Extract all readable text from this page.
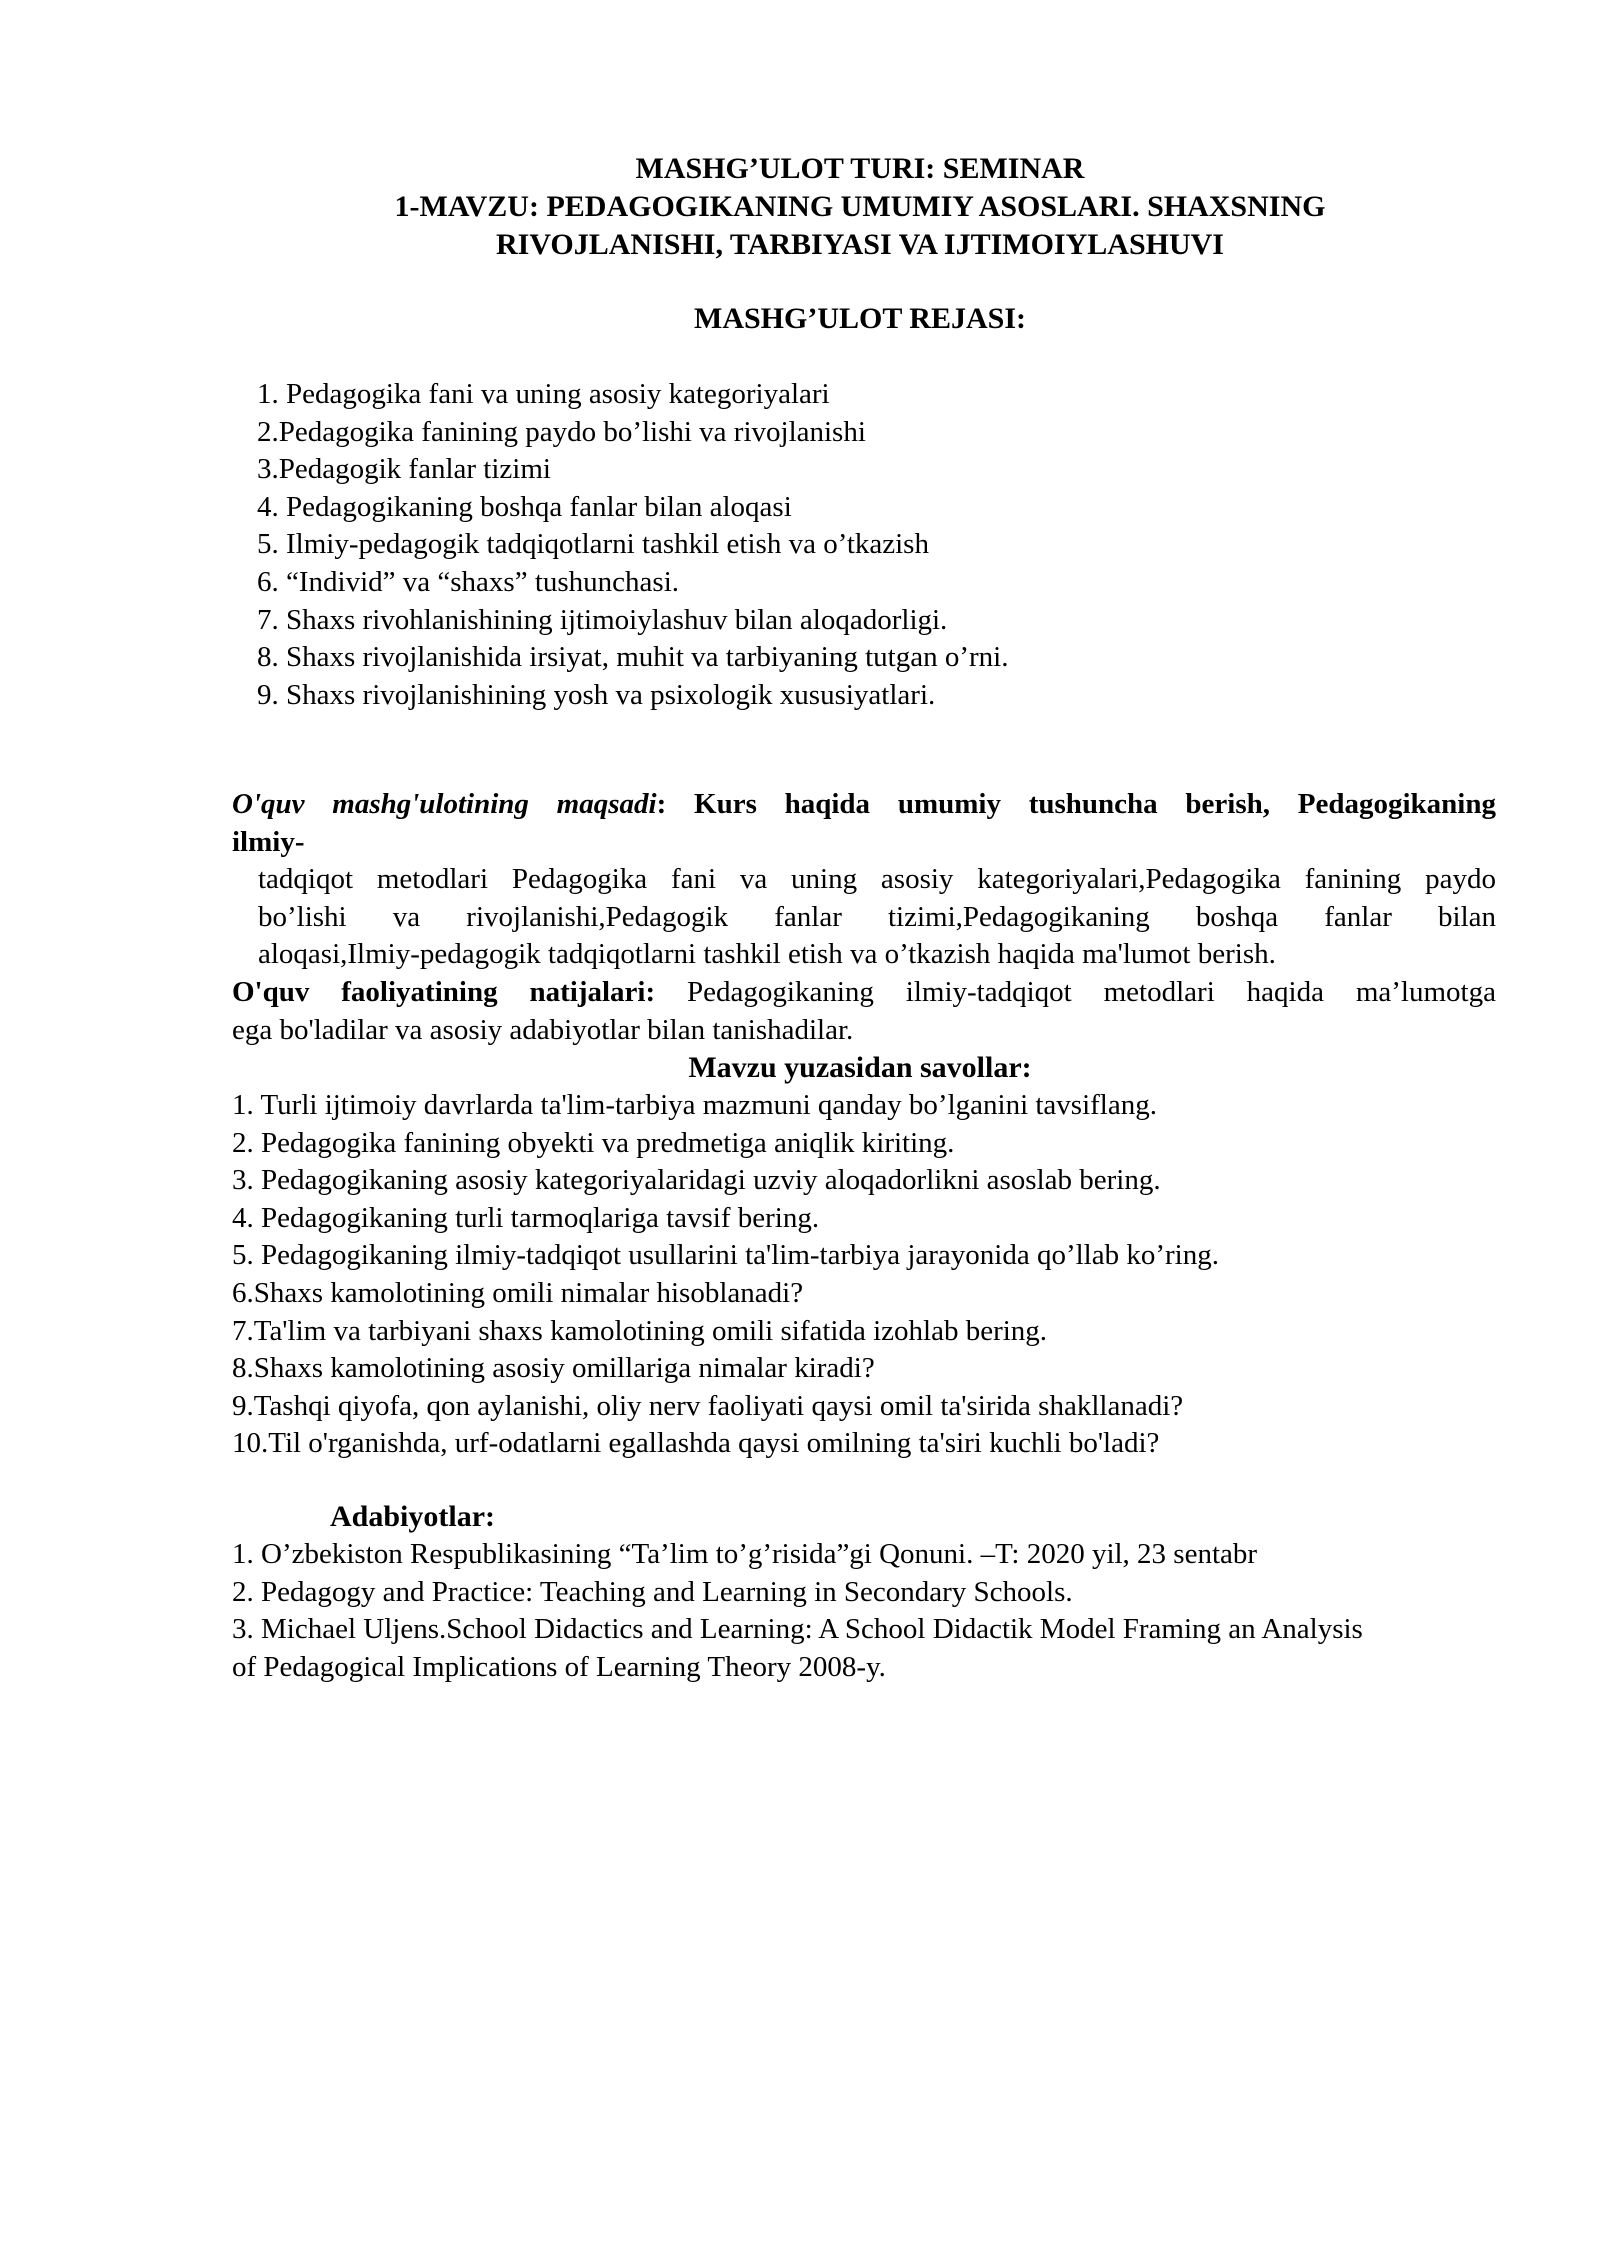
MASHG’ULOT TURI: SEMINAR
1-MAVZU: PEDAGOGIKANING UMUMIY ASOSLARI. SHAXSNING
RIVOJLANISHI, TARBIYASI VA IJTIMOIYLASHUVI
MASHG’ULOT REJASI:
1. Pedagogika fani va uning asosiy kategoriyalari
2.Pedagogika fanining paydo bo’lishi va rivojlanishi
3.Pedagogik fanlar tizimi
4. Pedagogikaning boshqa fanlar bilan aloqasi
5. Ilmiy-pedagogik tadqiqotlarni tashkil etish va o’tkazish
6. “Individ” va “shaxs” tushunchasi.
7. Shaxs rivohlanishining ijtimoiylashuv bilan aloqadorligi.
8. Shaxs rivojlanishida irsiyat, muhit va tarbiyaning tutgan o’rni.
9. Shaxs rivojlanishining yosh va psixologik xususiyatlari.
O'quv mashg'ulotining maqsadi: Kurs haqida umumiy tushuncha berish, Pedagogikaning
ilmiy-
tadqiqot metodlari Pedagogika fani va uning asosiy kategoriyalari,Pedagogika fanining paydo
bo’lishi va rivojlanishi,Pedagogik fanlar tizimi,Pedagogikaning boshqa fanlar bilan
aloqasi,Ilmiy-pedagogik tadqiqotlarni tashkil etish va o’tkazish haqida ma'lumot berish.
O'quv faoliyatining natijalari: Pedagogikaning ilmiy-tadqiqot metodlari haqida ma’lumotga
ega bo'ladilar va asosiy adabiyotlar bilan tanishadilar.
Mavzu yuzasidan savollar:
1. Turli ijtimoiy davrlarda ta'lim-tarbiya mazmuni qanday bo’lganini tavsiflang.
2. Pedagogika fanining obyekti va predmetiga aniqlik kiriting.
3. Pedagogikaning asosiy kategoriyalaridagi uzviy aloqadorlikni asoslab bering.
4. Pedagogikaning turli tarmoqlariga tavsif bering.
5. Pedagogikaning ilmiy-tadqiqot usullarini ta'lim-tarbiya jarayonida qo’llab ko’ring.
6.Shaxs kamolotining omili nimalar hisoblanadi?
7.Ta'lim va tarbiyani shaxs kamolotining omili sifatida izohlab bering.
8.Shaxs kamolotining asosiy omillariga nimalar kiradi?
9.Tashqi qiyofa, qon aylanishi, oliy nerv faoliyati qaysi omil ta'sirida shakllanadi?
10.Til o'rganishda, urf-odatlarni egallashda qaysi omilning ta'siri kuchli bo'ladi?
Adabiyotlar:
1. O’zbekiston Respublikasining “Ta’lim to’g’risida”gi Qonuni. –T: 2020 yil, 23 sentabr
2. Pedagogy and Practice: Teaching and Learning in Secondary Schools.
3. Michael Uljens.School Didactics and Learning: A School Didactik Model Framing an Analysis
of Pedagogical Implications of Learning Theory 2008-y.
